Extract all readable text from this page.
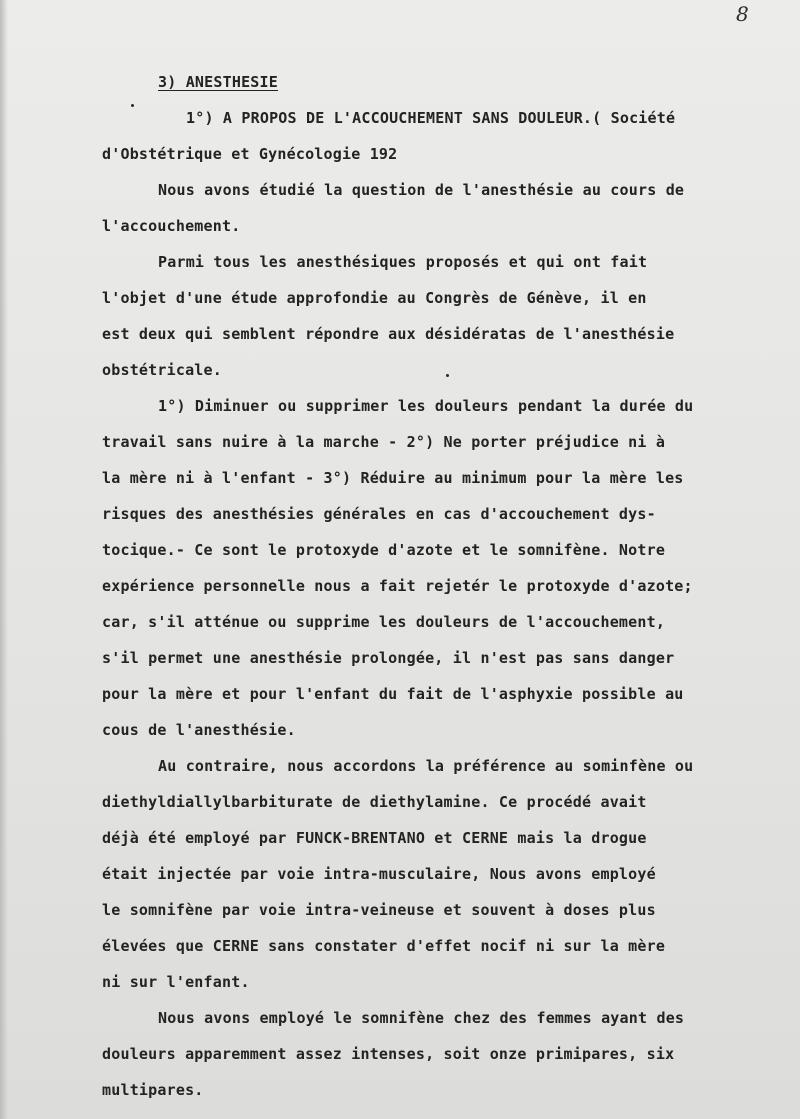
8
3) ANESTHESIE
1°) A PROPOS DE L'ACCOUCHEMENT SANS DOULEUR.( Société
d'Obstétrique et Gynécologie 192
Nous avons étudié la question de l'anesthésie au cours de
l'accouchement.
Parmi tous les anesthésiques proposés et qui ont fait
l'objet d'une étude approfondie au Congrès de Génève, il en
est deux qui semblent répondre aux désidératas de l'anesthésie
obstétricale.
1°) Diminuer ou supprimer les douleurs pendant la durée du
travail sans nuire à la marche - 2°) Ne porter préjudice ni à
la mère ni à l'enfant - 3°) Réduire au minimum pour la mère les
risques des anesthésies générales en cas d'accouchement dys-
tocique.- Ce sont le protoxyde d'azote et le somnifène. Notre
expérience personnelle nous a fait rejetér le protoxyde d'azote;
car, s'il atténue ou supprime les douleurs de l'accouchement,
s'il permet une anesthésie prolongée, il n'est pas sans danger
pour la mère et pour l'enfant du fait de l'asphyxie possible au
cous de l'anesthésie.
Au contraire, nous accordons la préférence au sominfène ou
diethyldiallylbarbiturate de diethylamine. Ce procédé avait
déjà été employé par FUNCK-BRENTANO et CERNE mais la drogue
était injectée par voie intra-musculaire, Nous avons employé
le somnifène par voie intra-veineuse et souvent à doses plus
élevées que CERNE sans constater d'effet nocif ni sur la mère
ni sur l'enfant.
Nous avons employé le somnifène chez des femmes ayant des
douleurs apparemment assez intenses, soit onze primipares, six
multipares.
